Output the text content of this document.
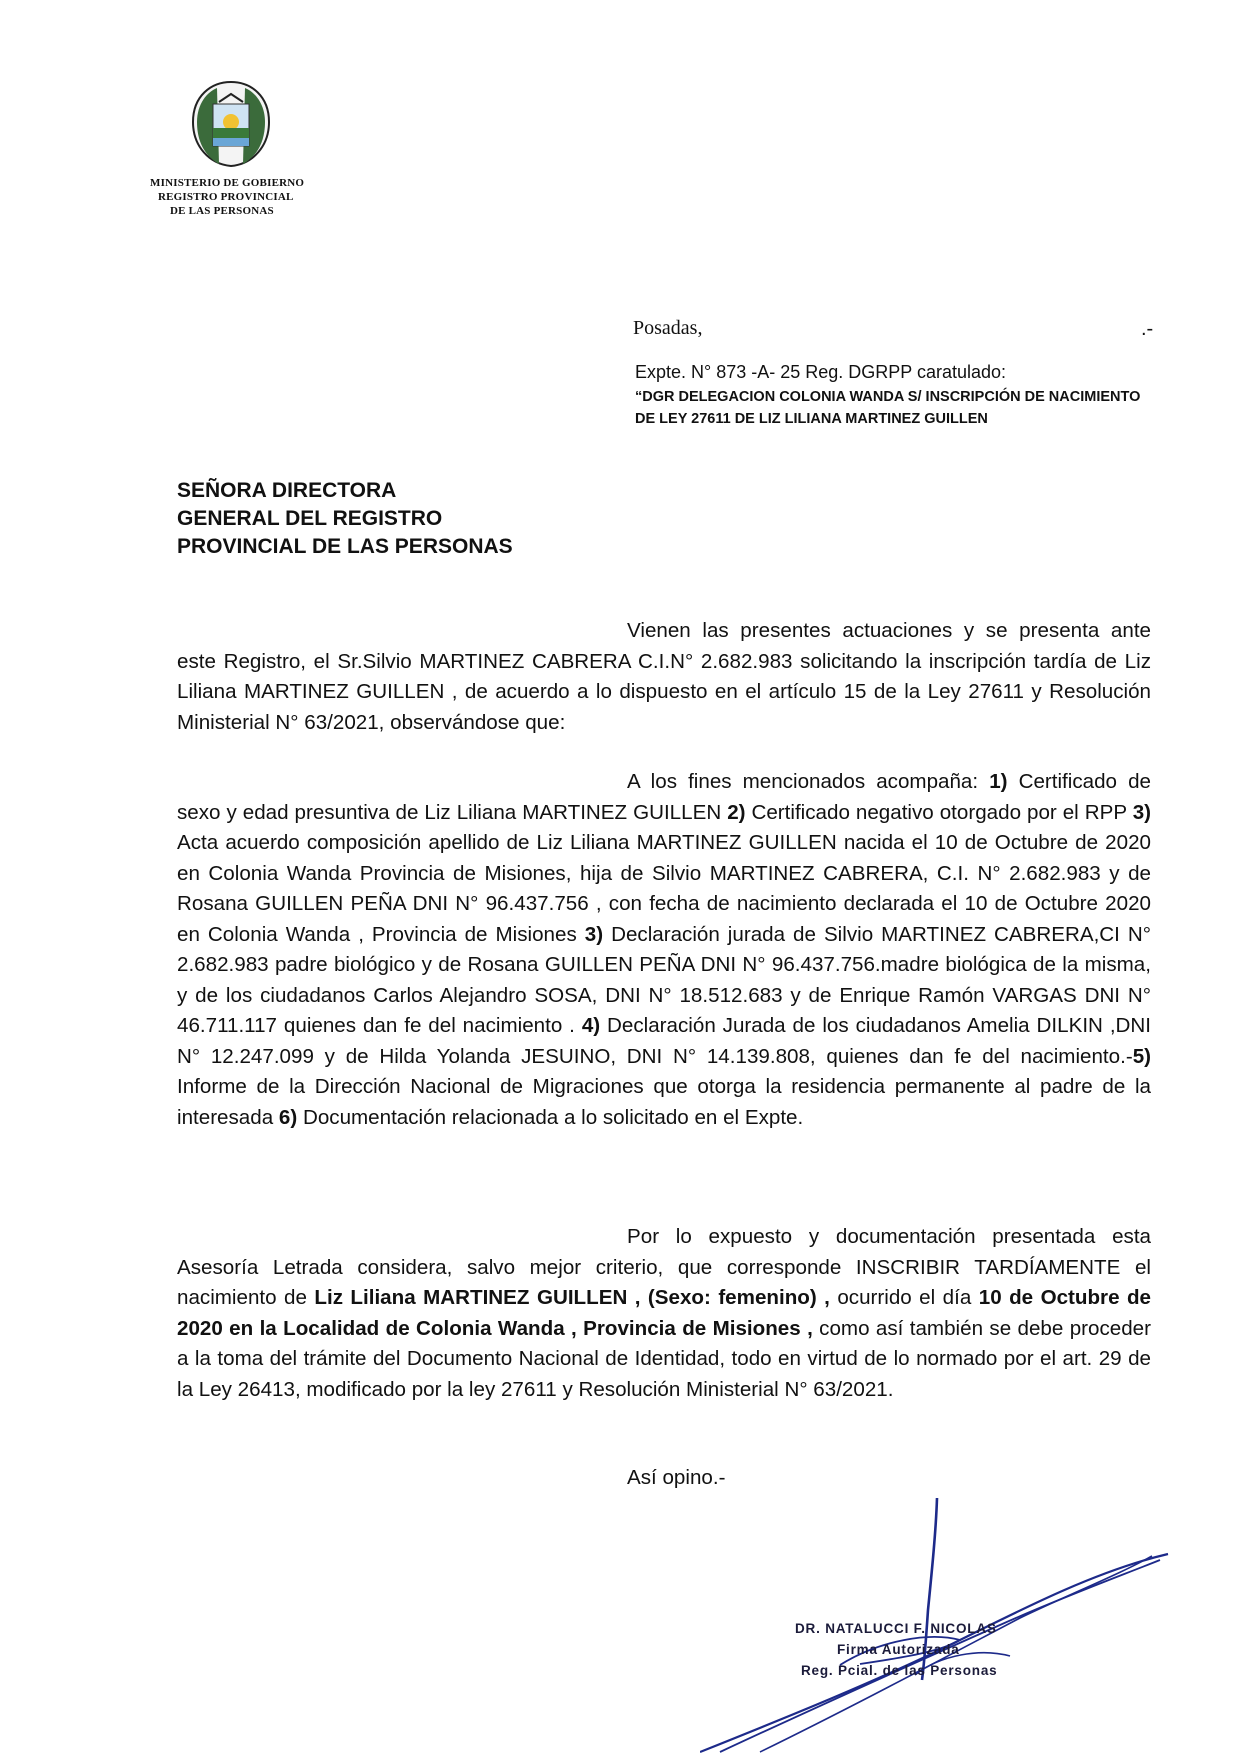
MINISTERIO DE GOBIERNO
REGISTRO PROVINCIAL
DE LAS PERSONAS
Posadas,	.-
Expte. N° 873 -A- 25 Reg. DGRPP caratulado:
“DGR DELEGACION COLONIA WANDA S/ INSCRIPCIÓN DE NACIMIENTO DE LEY 27611 DE LIZ LILIANA MARTINEZ GUILLEN
SEÑORA DIRECTORA
GENERAL DEL REGISTRO
PROVINCIAL DE LAS PERSONAS

Vienen las presentes actuaciones y se presenta ante este Registro, el Sr.Silvio MARTINEZ CABRERA C.I.N° 2.682.983 solicitando la inscripción tardía de Liz Liliana MARTINEZ GUILLEN , de acuerdo a lo dispuesto en el artículo 15 de la Ley 27611 y Resolución Ministerial N° 63/2021, observándose que:

A los fines mencionados acompaña: 1) Certificado de sexo y edad presuntiva de Liz Liliana MARTINEZ GUILLEN 2) Certificado negativo otorgado por el RPP 3) Acta acuerdo composición apellido de Liz Liliana MARTINEZ GUILLEN nacida el 10 de Octubre de 2020 en Colonia Wanda Provincia de Misiones, hija de Silvio MARTINEZ CABRERA, C.I. N° 2.682.983 y de Rosana GUILLEN PEÑA DNI N° 96.437.756 , con fecha de nacimiento declarada el 10 de Octubre 2020 en Colonia Wanda , Provincia de Misiones 3) Declaración jurada de Silvio MARTINEZ CABRERA,CI N° 2.682.983 padre biológico y de Rosana GUILLEN PEÑA DNI N° 96.437.756.madre biológica de la misma, y de los ciudadanos Carlos Alejandro SOSA, DNI N° 18.512.683 y de Enrique Ramón VARGAS DNI N° 46.711.117 quienes dan fe del nacimiento . 4) Declaración Jurada de los ciudadanos Amelia DILKIN ,DNI N° 12.247.099 y de Hilda Yolanda JESUINO, DNI N° 14.139.808, quienes dan fe del nacimiento.-5) Informe de la Dirección Nacional de Migraciones que otorga la residencia permanente al padre de la interesada 6) Documentación relacionada a lo solicitado en el Expte.

Por lo expuesto y documentación presentada esta Asesoría Letrada considera, salvo mejor criterio, que corresponde INSCRIBIR TARDÍAMENTE el nacimiento de Liz Liliana MARTINEZ GUILLEN , (Sexo: femenino) , ocurrido el día 10 de Octubre de 2020 en la Localidad de Colonia Wanda , Provincia de Misiones , como así también se debe proceder a la toma del trámite del Documento Nacional de Identidad, todo en virtud de lo normado por el art. 29 de la Ley 26413, modificado por la ley 27611 y Resolución Ministerial N° 63/2021.

Así opino.-
DR. NATALUCCI F. NICOLAS
Firma Autorizada
Reg. Pcial. de las Personas
